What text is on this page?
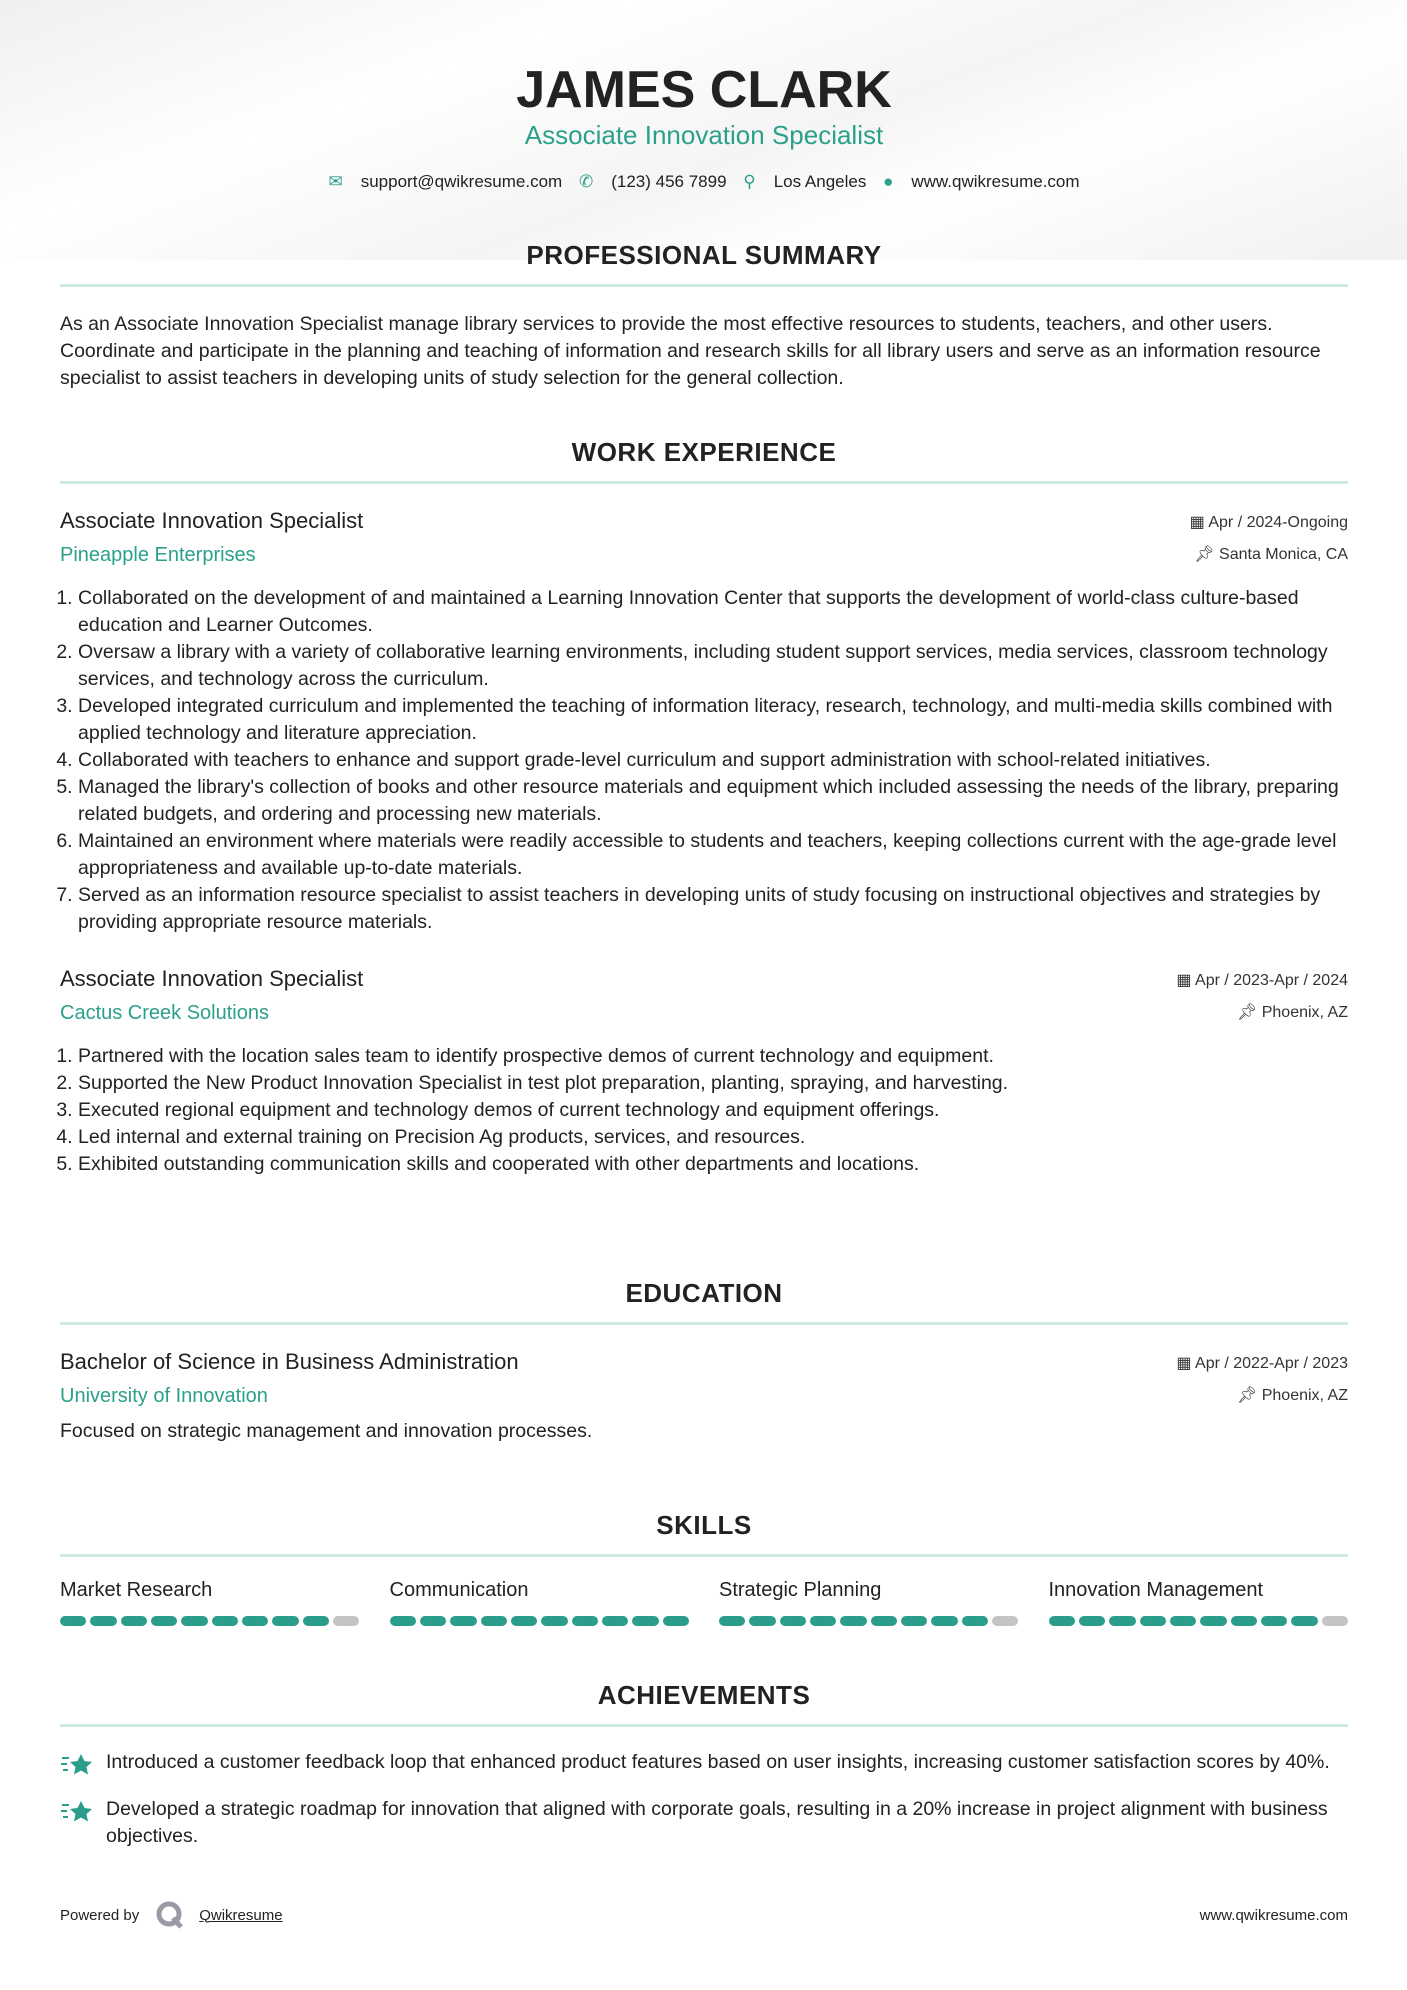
JAMES CLARK
Associate Innovation Specialist
✉ support@qwikresume.com ✆ (123) 456 7899 ⚲ Los Angeles ● www.qwikresume.com
PROFESSIONAL SUMMARY

As an Associate Innovation Specialist manage library services to provide the most effective resources to students, teachers, and other users. Coordinate and participate in the planning and teaching of information and research skills for all library users and serve as an information resource specialist to assist teachers in developing units of study selection for the general collection.

WORK EXPERIENCE
Associate Innovation Specialist
Pineapple Enterprises
▦ Apr / 2024-Ongoing
📌︎ Santa Monica, CA
1. Collaborated on the development of and maintained a Learning Innovation Center that supports the development of world-class culture-based education and Learner Outcomes.
2. Oversaw a library with a variety of collaborative learning environments, including student support services, media services, classroom technology services, and technology across the curriculum.
3. Developed integrated curriculum and implemented the teaching of information literacy, research, technology, and multi-media skills combined with applied technology and literature appreciation.
4. Collaborated with teachers to enhance and support grade-level curriculum and support administration with school-related initiatives.
5. Managed the library's collection of books and other resource materials and equipment which included assessing the needs of the library, preparing related budgets, and ordering and processing new materials.
6. Maintained an environment where materials were readily accessible to students and teachers, keeping collections current with the age-grade level appropriateness and available up-to-date materials.
7. Served as an information resource specialist to assist teachers in developing units of study focusing on instructional objectives and strategies by providing appropriate resource materials.
Associate Innovation Specialist
Cactus Creek Solutions
▦ Apr / 2023-Apr / 2024
📌︎ Phoenix, AZ
1. Partnered with the location sales team to identify prospective demos of current technology and equipment.
2. Supported the New Product Innovation Specialist in test plot preparation, planting, spraying, and harvesting.
3. Executed regional equipment and technology demos of current technology and equipment offerings.
4. Led internal and external training on Precision Ag products, services, and resources.
5. Exhibited outstanding communication skills and cooperated with other departments and locations.
EDUCATION
Bachelor of Science in Business Administration
University of Innovation
▦ Apr / 2022-Apr / 2023
📌︎ Phoenix, AZ

Focused on strategic management and innovation processes.

SKILLS
Market Research	Communication	Strategic Planning	Innovation Management
ACHIEVEMENTS
Introduced a customer feedback loop that enhanced product features based on user insights, increasing customer satisfaction scores by 40%.
Developed a strategic roadmap for innovation that aligned with corporate goals, resulting in a 20% increase in project alignment with business objectives.
Powered by	Qwikresume	www.qwikresume.com
